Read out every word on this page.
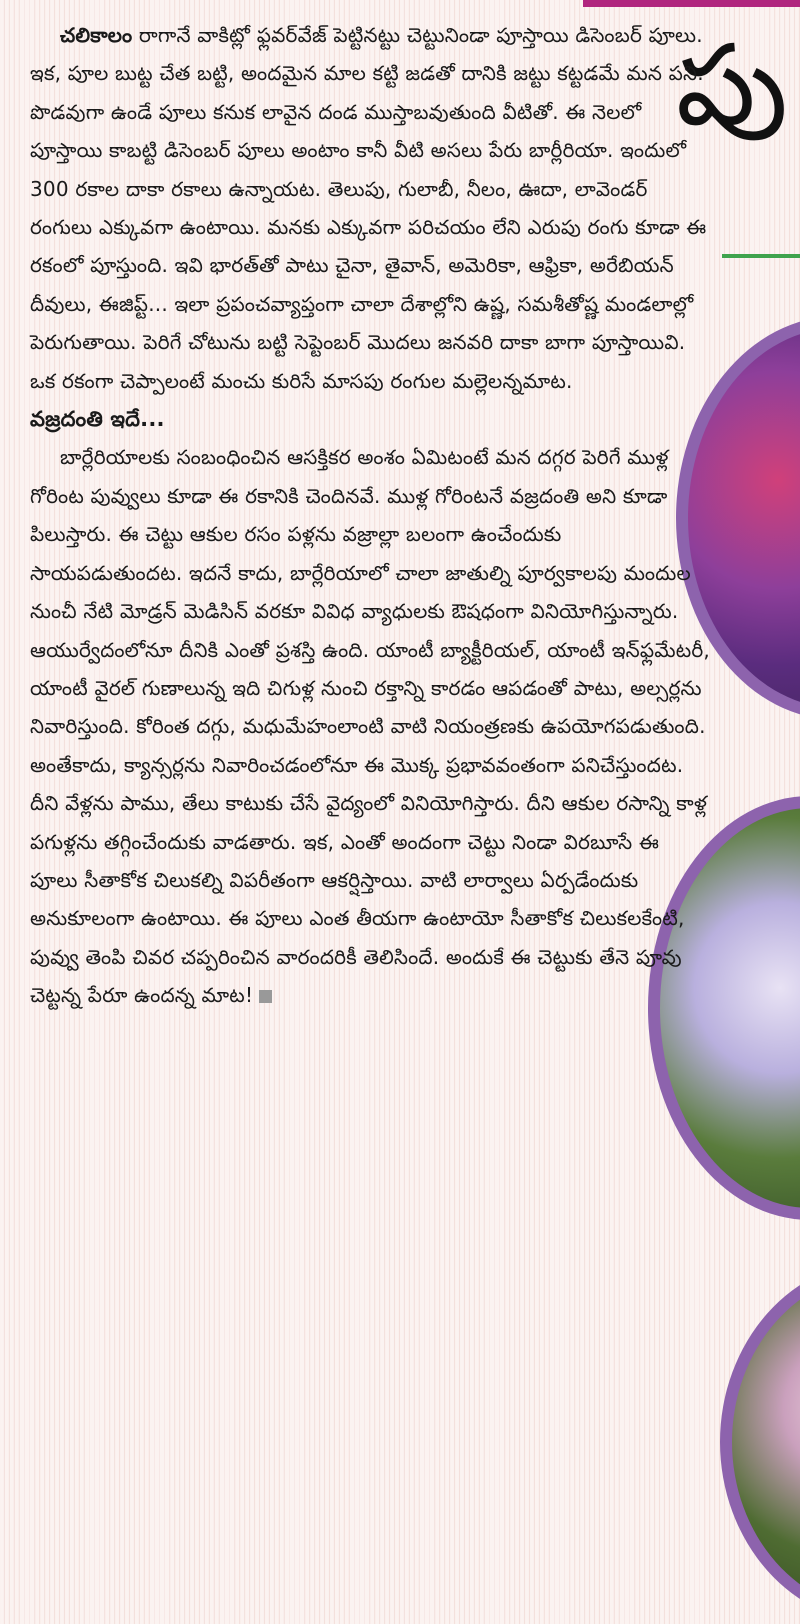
పు

చలికాలం రాగానే వాకిట్లో ఫ్లవర్‌వేజ్ పెట్టినట్టు చెట్టునిండా పూస్తాయి డిసెంబర్ పూలు. ఇక, పూల బుట్ట చేత బట్టి, అందమైన మాల కట్టి జడతో దానికి జట్టు కట్టడమే మన పని. పొడవుగా ఉండే పూలు కనుక లావైన దండ ముస్తాబవుతుంది వీటితో. ఈ నెలలో పూస్తాయి కాబట్టి డిసెంబర్ పూలు అంటాం కానీ వీటి అసలు పేరు బార్లీరియా. ఇందులో 300 రకాల దాకా రకాలు ఉన్నాయట. తెలుపు, గులాబీ, నీలం, ఊదా, లావెండర్ రంగులు ఎక్కువగా ఉంటాయి. మనకు ఎక్కువగా పరిచయం లేని ఎరుపు రంగు కూడా ఈ రకంలో పూస్తుంది. ఇవి భారత్‌తో పాటు చైనా, తైవాన్, అమెరికా, ఆఫ్రికా, అరేబియన్ దీవులు, ఈజిప్ట్... ఇలా ప్రపంచవ్యాప్తంగా చాలా దేశాల్లోని ఉష్ణ, సమశీతోష్ణ మండలాల్లో పెరుగుతాయి. పెరిగే చోటును బట్టి సెప్టెంబర్ మొదలు జనవరి దాకా బాగా పూస్తాయివి. ఒక రకంగా చెప్పాలంటే మంచు కురిసే మాసపు రంగుల మల్లెలన్నమాట.

వజ్రదంతి ఇదే...

బార్లేరియాలకు సంబంధించిన ఆసక్తికర అంశం ఏమిటంటే మన దగ్గర పెరిగే ముళ్ల గోరింట పువ్వులు కూడా ఈ రకానికి చెందినవే. ముళ్ల గోరింటనే వజ్రదంతి అని కూడా పిలుస్తారు. ఈ చెట్టు ఆకుల రసం పళ్లను వజ్రాల్లా బలంగా ఉంచేందుకు సాయపడుతుందట. ఇదనే కాదు, బార్లేరియాలో చాలా జాతుల్ని పూర్వకాలపు మందుల నుంచీ నేటి మోడ్రన్ మెడిసిన్ వరకూ వివిధ వ్యాధులకు ఔషధంగా వినియోగిస్తున్నారు. ఆయుర్వేదంలోనూ దీనికి ఎంతో ప్రశస్తి ఉంది. యాంటీ బ్యాక్టీరియల్, యాంటీ ఇన్‌ఫ్లమేటరీ, యాంటీ వైరల్ గుణాలున్న ఇది చిగుళ్ల నుంచి రక్తాన్ని కారడం ఆపడంతో పాటు, అల్సర్లను నివారిస్తుంది. కోరింత దగ్గు, మధుమేహంలాంటి వాటి నియంత్రణకు ఉపయోగపడుతుంది. అంతేకాదు, క్యాన్సర్లను నివారించడంలోనూ ఈ మొక్క ప్రభావవంతంగా పనిచేస్తుందట. దీని వేళ్లను పాము, తేలు కాటుకు చేసే వైద్యంలో వినియోగిస్తారు. దీని ఆకుల రసాన్ని కాళ్ల పగుళ్లను తగ్గించేందుకు వాడతారు. ఇక, ఎంతో అందంగా చెట్టు నిండా విరబూసే ఈ పూలు సీతాకోక చిలుకల్ని విపరీతంగా ఆకర్షిస్తాయి. వాటి లార్వాలు ఏర్పడేందుకు అనుకూలంగా ఉంటాయి. ఈ పూలు ఎంత తీయగా ఉంటాయో సీతాకోక చిలుకలకేంటి, పువ్వు తెంపి చివర చప్పరించిన వారందరికీ తెలిసిందే. అందుకే ఈ చెట్టుకు తేనె పూవు చెట్టన్న పేరూ ఉందన్న మాట!
